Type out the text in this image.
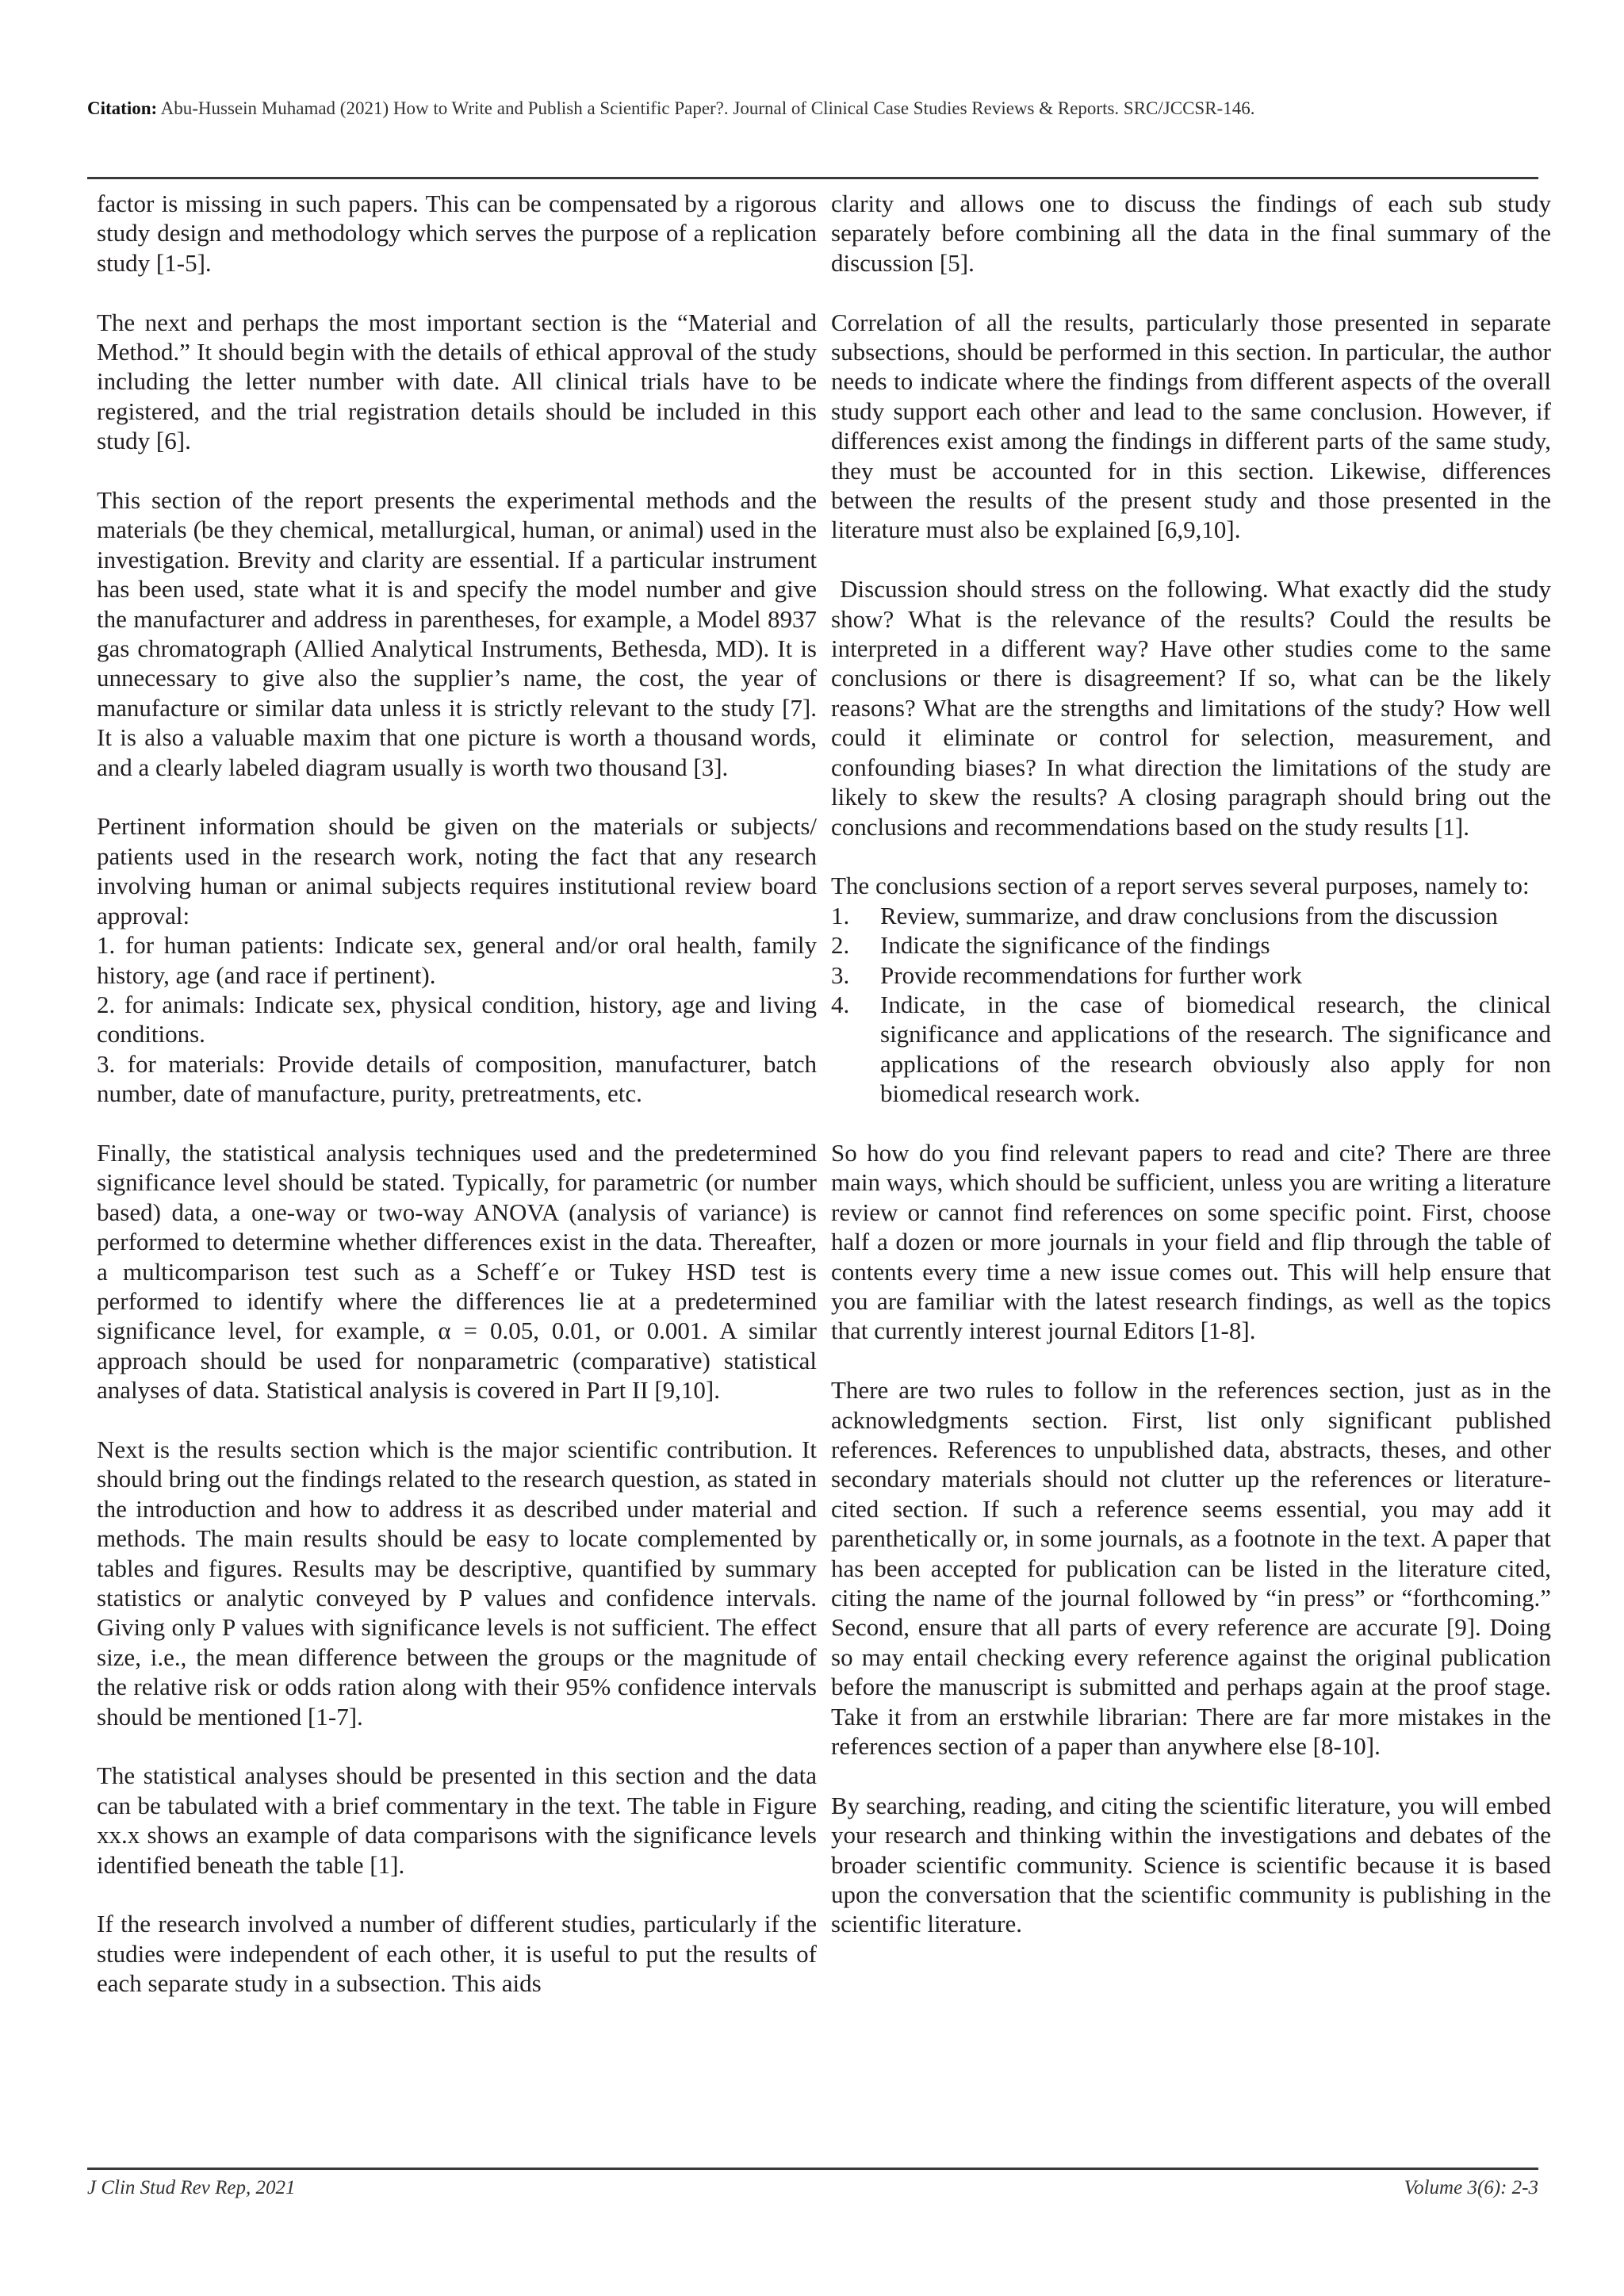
Citation: Abu-Hussein Muhamad (2021) How to Write and Publish a Scientific Paper?. Journal of Clinical Case Studies Reviews & Reports. SRC/JCCSR-146.

factor is missing in such papers. This can be compensated by a rigorous study design and methodology which serves the purpose of a replication study [1-5].

The next and perhaps the most important section is the “Material and Method.” It should begin with the details of ethical approval of the study including the letter number with date. All clinical trials have to be registered, and the trial registration details should be included in this study [6].

This section of the report presents the experimental methods and the materials (be they chemical, metallurgical, human, or animal) used in the investigation. Brevity and clarity are essential. If a particular instrument has been used, state what it is and specify the model number and give the manufacturer and address in parentheses, for example, a Model 8937 gas chromatograph (Allied Analytical Instruments, Bethesda, MD). It is unnecessary to give also the supplier’s name, the cost, the year of manufacture or similar data unless it is strictly relevant to the study [7]. It is also a valuable maxim that one picture is worth a thousand words, and a clearly labeled diagram usually is worth two thousand [3].

Pertinent information should be given on the materials or subjects/ patients used in the research work, noting the fact that any research involving human or animal subjects requires institutional review board approval:
1. for human patients: Indicate sex, general and/or oral health, family history, age (and race if pertinent).
2. for animals: Indicate sex, physical condition, history, age and living conditions.
3. for materials: Provide details of composition, manufacturer, batch number, date of manufacture, purity, pretreatments, etc.

Finally, the statistical analysis techniques used and the predetermined significance level should be stated. Typically, for parametric (or number based) data, a one-way or two-way ANOVA (analysis of variance) is performed to determine whether differences exist in the data. Thereafter, a multicomparison test such as a Scheff´e or Tukey HSD test is performed to identify where the differences lie at a predetermined significance level, for example, α = 0.05, 0.01, or 0.001. A similar approach should be used for nonparametric (comparative) statistical analyses of data. Statistical analysis is covered in Part II [9,10].

Next is the results section which is the major scientific contribution. It should bring out the findings related to the research question, as stated in the introduction and how to address it as described under material and methods. The main results should be easy to locate complemented by tables and figures. Results may be descriptive, quantified by summary statistics or analytic conveyed by P values and confidence intervals. Giving only P values with significance levels is not sufficient. The effect size, i.e., the mean difference between the groups or the magnitude of the relative risk or odds ration along with their 95% confidence intervals should be mentioned [1-7].

The statistical analyses should be presented in this section and the data can be tabulated with a brief commentary in the text. The table in Figure xx.x shows an example of data comparisons with the significance levels identified beneath the table [1].

If the research involved a number of different studies, particularly if the studies were independent of each other, it is useful to put the results of each separate study in a subsection. This aids

clarity and allows one to discuss the findings of each sub study separately before combining all the data in the final summary of the discussion [5].

Correlation of all the results, particularly those presented in separate subsections, should be performed in this section. In particular, the author needs to indicate where the findings from different aspects of the overall study support each other and lead to the same conclusion. However, if differences exist among the findings in different parts of the same study, they must be accounted for in this section. Likewise, differences between the results of the present study and those presented in the literature must also be explained [6,9,10].

Discussion should stress on the following. What exactly did the study show? What is the relevance of the results? Could the results be interpreted in a different way? Have other studies come to the same conclusions or there is disagreement? If so, what can be the likely reasons? What are the strengths and limitations of the study? How well could it eliminate or control for selection, measurement, and confounding biases? In what direction the limitations of the study are likely to skew the results? A closing paragraph should bring out the conclusions and recommendations based on the study results [1].

The conclusions section of a report serves several purposes, namely to:
1.	Review, summarize, and draw conclusions from the discussion
2.	Indicate the significance of the findings
3.	Provide recommendations for further work
4.	Indicate, in the case of biomedical research, the clinical significance and applications of the research. The significance and applications of the research obviously also apply for non biomedical research work.

So how do you find relevant papers to read and cite? There are three main ways, which should be sufficient, unless you are writing a literature review or cannot find references on some specific point. First, choose half a dozen or more journals in your field and flip through the table of contents every time a new issue comes out. This will help ensure that you are familiar with the latest research findings, as well as the topics that currently interest journal Editors [1-8].

There are two rules to follow in the references section, just as in the acknowledgments section. First, list only significant published references. References to unpublished data, abstracts, theses, and other secondary materials should not clutter up the references or literature- cited section. If such a reference seems essential, you may add it parenthetically or, in some journals, as a footnote in the text. A paper that has been accepted for publication can be listed in the literature cited, citing the name of the journal followed by “in press” or “forthcoming.” Second, ensure that all parts of every reference are accurate [9]. Doing so may entail checking every reference against the original publication before the manuscript is submitted and perhaps again at the proof stage. Take it from an erstwhile librarian: There are far more mistakes in the references section of a paper than anywhere else [8-10].

By searching, reading, and citing the scientific literature, you will embed your research and thinking within the investigations and debates of the broader scientific community. Science is scientific because it is based upon the conversation that the scientific community is publishing in the scientific literature.

J Clin Stud Rev Rep, 2021	Volume 3(6): 2-3
